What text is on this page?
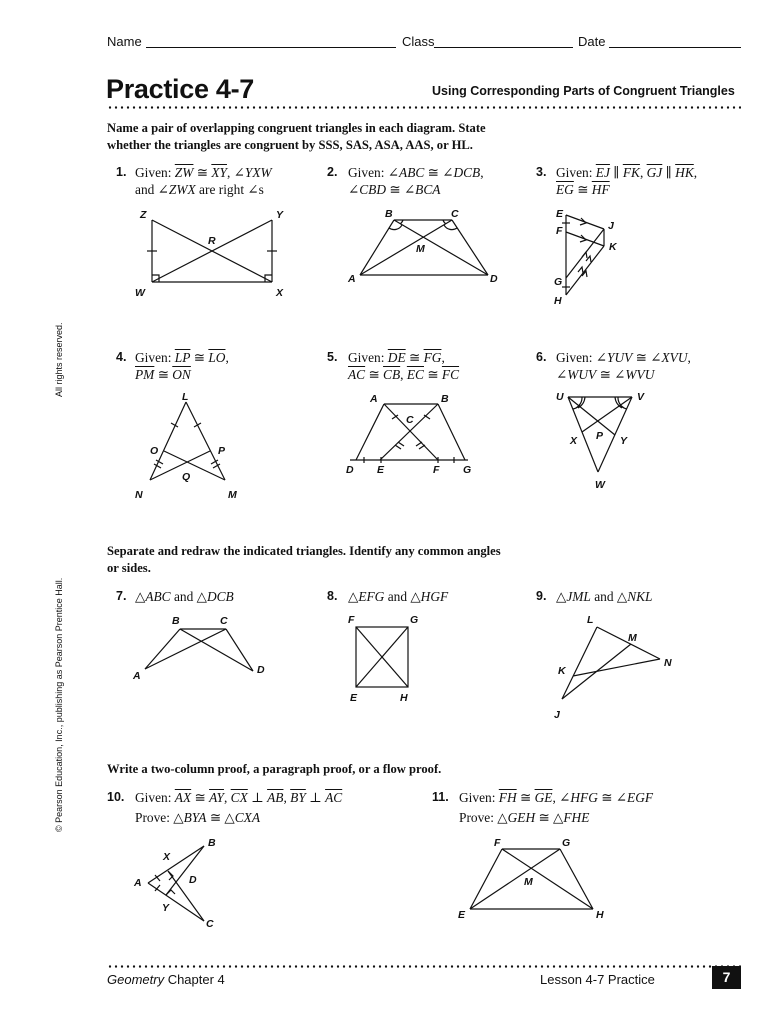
Name	Class	Date
Practice 4-7	Using Corresponding Parts of Congruent Triangles
All rights reserved.
© Pearson Education, Inc., publishing as Pearson Prentice Hall.
Name a pair of overlapping congruent triangles in each diagram. State
whether the triangles are congruent by SSS, SAS, ASA, AAS, or HL.
1. Given: $\overline{ZW}$ ≅ $\overline{XY}$, ∠YXW
and ∠ZWX are right ∠s
Z	Y
R
W	X
2. Given: ∠ABC ≅ ∠DCB,
∠CBD ≅ ∠BCA
B	C
M
A	D
3. Given: $\overline{EJ}$ ∥ $\overline{FK}$, $\overline{GJ}$ ∥ $\overline{HK}$,
$\overline{EG}$ ≅ $\overline{HF}$
E
J
F
K
G
H
4. Given: $\overline{LP}$ ≅ $\overline{LO}$,
$\overline{PM}$ ≅ $\overline{ON}$
L
O	P
Q
N	M
5. Given: $\overline{DE}$ ≅ $\overline{FG}$,
$\overline{AC}$ ≅ $\overline{CB}$, $\overline{EC}$ ≅ $\overline{FC}$
A	B
C
D E	F G
6. Given: ∠YUV ≅ ∠XVU,
∠WUV ≅ ∠WVU
U	V
P
X	Y
W
Separate and redraw the indicated triangles. Identify any common angles
or sides.
7. △ABC and △DCB
B	C
A	D
8. △EFG and △HGF
F	G
E	H
9. △JML and △NKL
L
M
N
K
J
Write a two-column proof, a paragraph proof, or a flow proof.
10. Given: $\overline{AX}$ ≅ $\overline{AY}$, $\overline{CX}$ ⊥ $\overline{AB}$, $\overline{BY}$ ⊥ $\overline{AC}$
Prove: △BYA ≅ △CXA
B
X
A	D
Y
C
11. Given: $\overline{FH}$ ≅ $\overline{GE}$, ∠HFG ≅ ∠EGF
Prove: △GEH ≅ △FHE
F	G
M
E	H
Geometry Chapter 4	Lesson 4-7 Practice	7
